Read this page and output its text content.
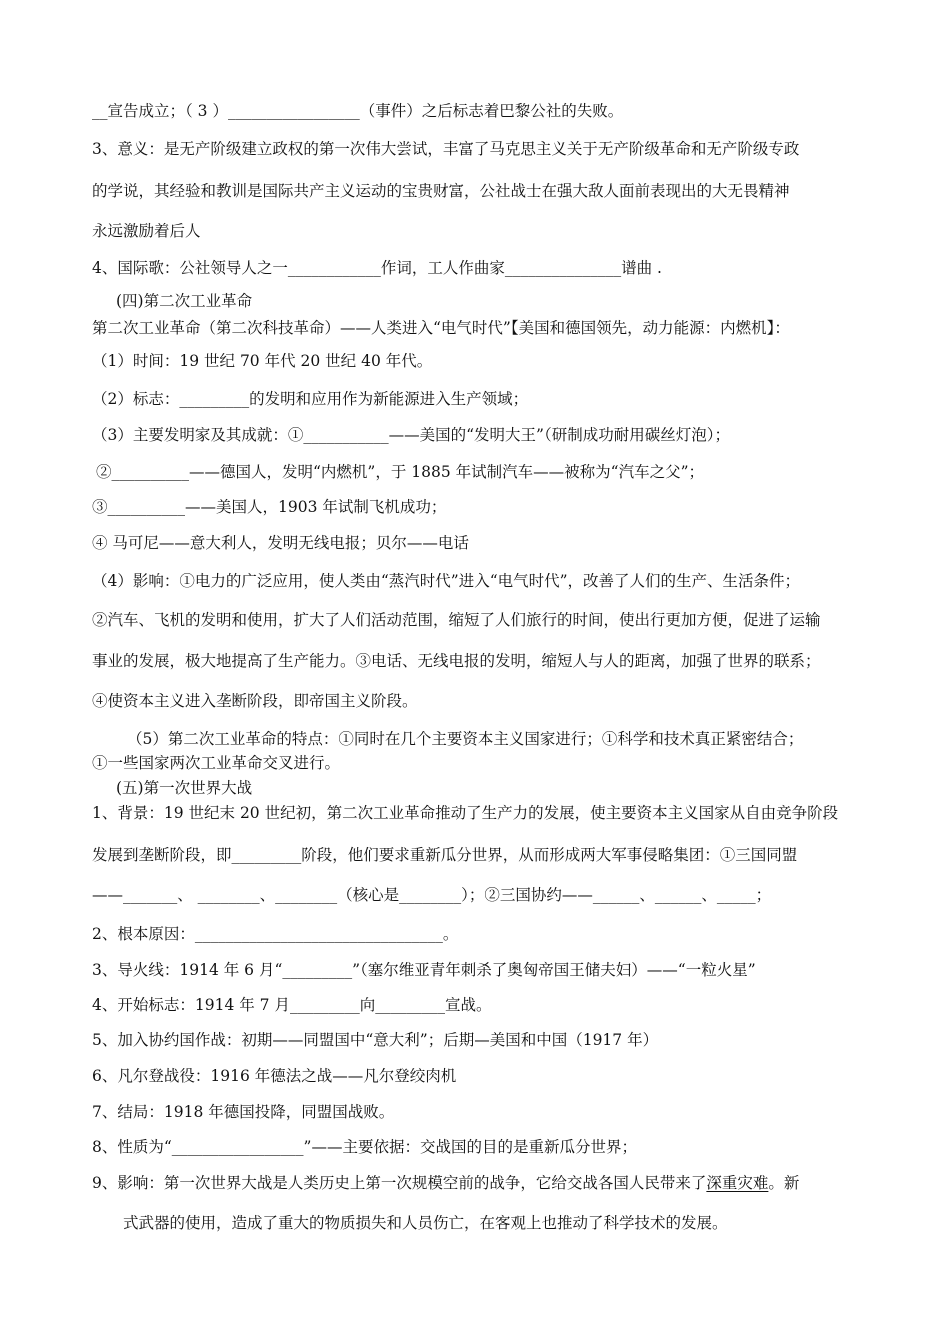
__宣告成立；（ 3 ）_________________（事件）之后标志着巴黎公社的失败。
3、意义：是无产阶级建立政权的第一次伟大尝试，丰富了马克思主义关于无产阶级革命和无产阶级专政
的学说，其经验和教训是国际共产主义运动的宝贵财富，公社战士在强大敌人面前表现出的大无畏精神
永远激励着后人
4、国际歌：公社领导人之一____________作词，工人作曲家_______________谱曲 .
(四)第二次工业革命
第二次工业革命（第二次科技革命）——人类进入“电气时代”【美国和德国领先，动力能源：内燃机】：
（1）时间：19 世纪 70 年代 20 世纪 40 年代。
（2）标志：_________的发明和应用作为新能源进入生产领域；
（3）主要发明家及其成就：①___________——美国的“发明大王”（研制成功耐用碳丝灯泡）；
②__________——德国人，发明“内燃机”，于 1885 年试制汽车——被称为“汽车之父”；
③__________——美国人，1903 年试制飞机成功；
④ 马可尼——意大利人，发明无线电报；贝尔——电话
（4）影响：①电力的广泛应用，使人类由“蒸汽时代”进入“电气时代”，改善了人们的生产、生活条件；
②汽车、飞机的发明和使用，扩大了人们活动范围，缩短了人们旅行的时间，使出行更加方便，促进了运输
事业的发展，极大地提高了生产能力。③电话、无线电报的发明，缩短人与人的距离，加强了世界的联系；
④使资本主义进入垄断阶段，即帝国主义阶段。
（5）第二次工业革命的特点：①同时在几个主要资本主义国家进行；①科学和技术真正紧密结合；
①一些国家两次工业革命交叉进行。
(五)第一次世界大战
1、背景：19 世纪末 20 世纪初，第二次工业革命推动了生产力的发展，使主要资本主义国家从自由竞争阶段
发展到垄断阶段，即_________阶段，他们要求重新瓜分世界，从而形成两大军事侵略集团：①三国同盟
——_______、 ________、________（核心是________）；②三国协约——______、______、_____；
2、根本原因：________________________________。
3、导火线：1914 年 6 月“_________”（塞尔维亚青年刺杀了奥匈帝国王储夫妇）——“一粒火星”
4、开始标志：1914 年 7 月_________向_________宣战。
5、加入协约国作战：初期——同盟国中“意大利”；后期—美国和中国（1917 年）
6、凡尔登战役：1916 年德法之战——凡尔登绞肉机
7、结局：1918 年德国投降，同盟国战败。
8、性质为“_________________”——主要依据：交战国的目的是重新瓜分世界；
9、影响：第一次世界大战是人类历史上第一次规模空前的战争，它给交战各国人民带来了深重灾难。新
式武器的使用，造成了重大的物质损失和人员伤亡，在客观上也推动了科学技术的发展。
